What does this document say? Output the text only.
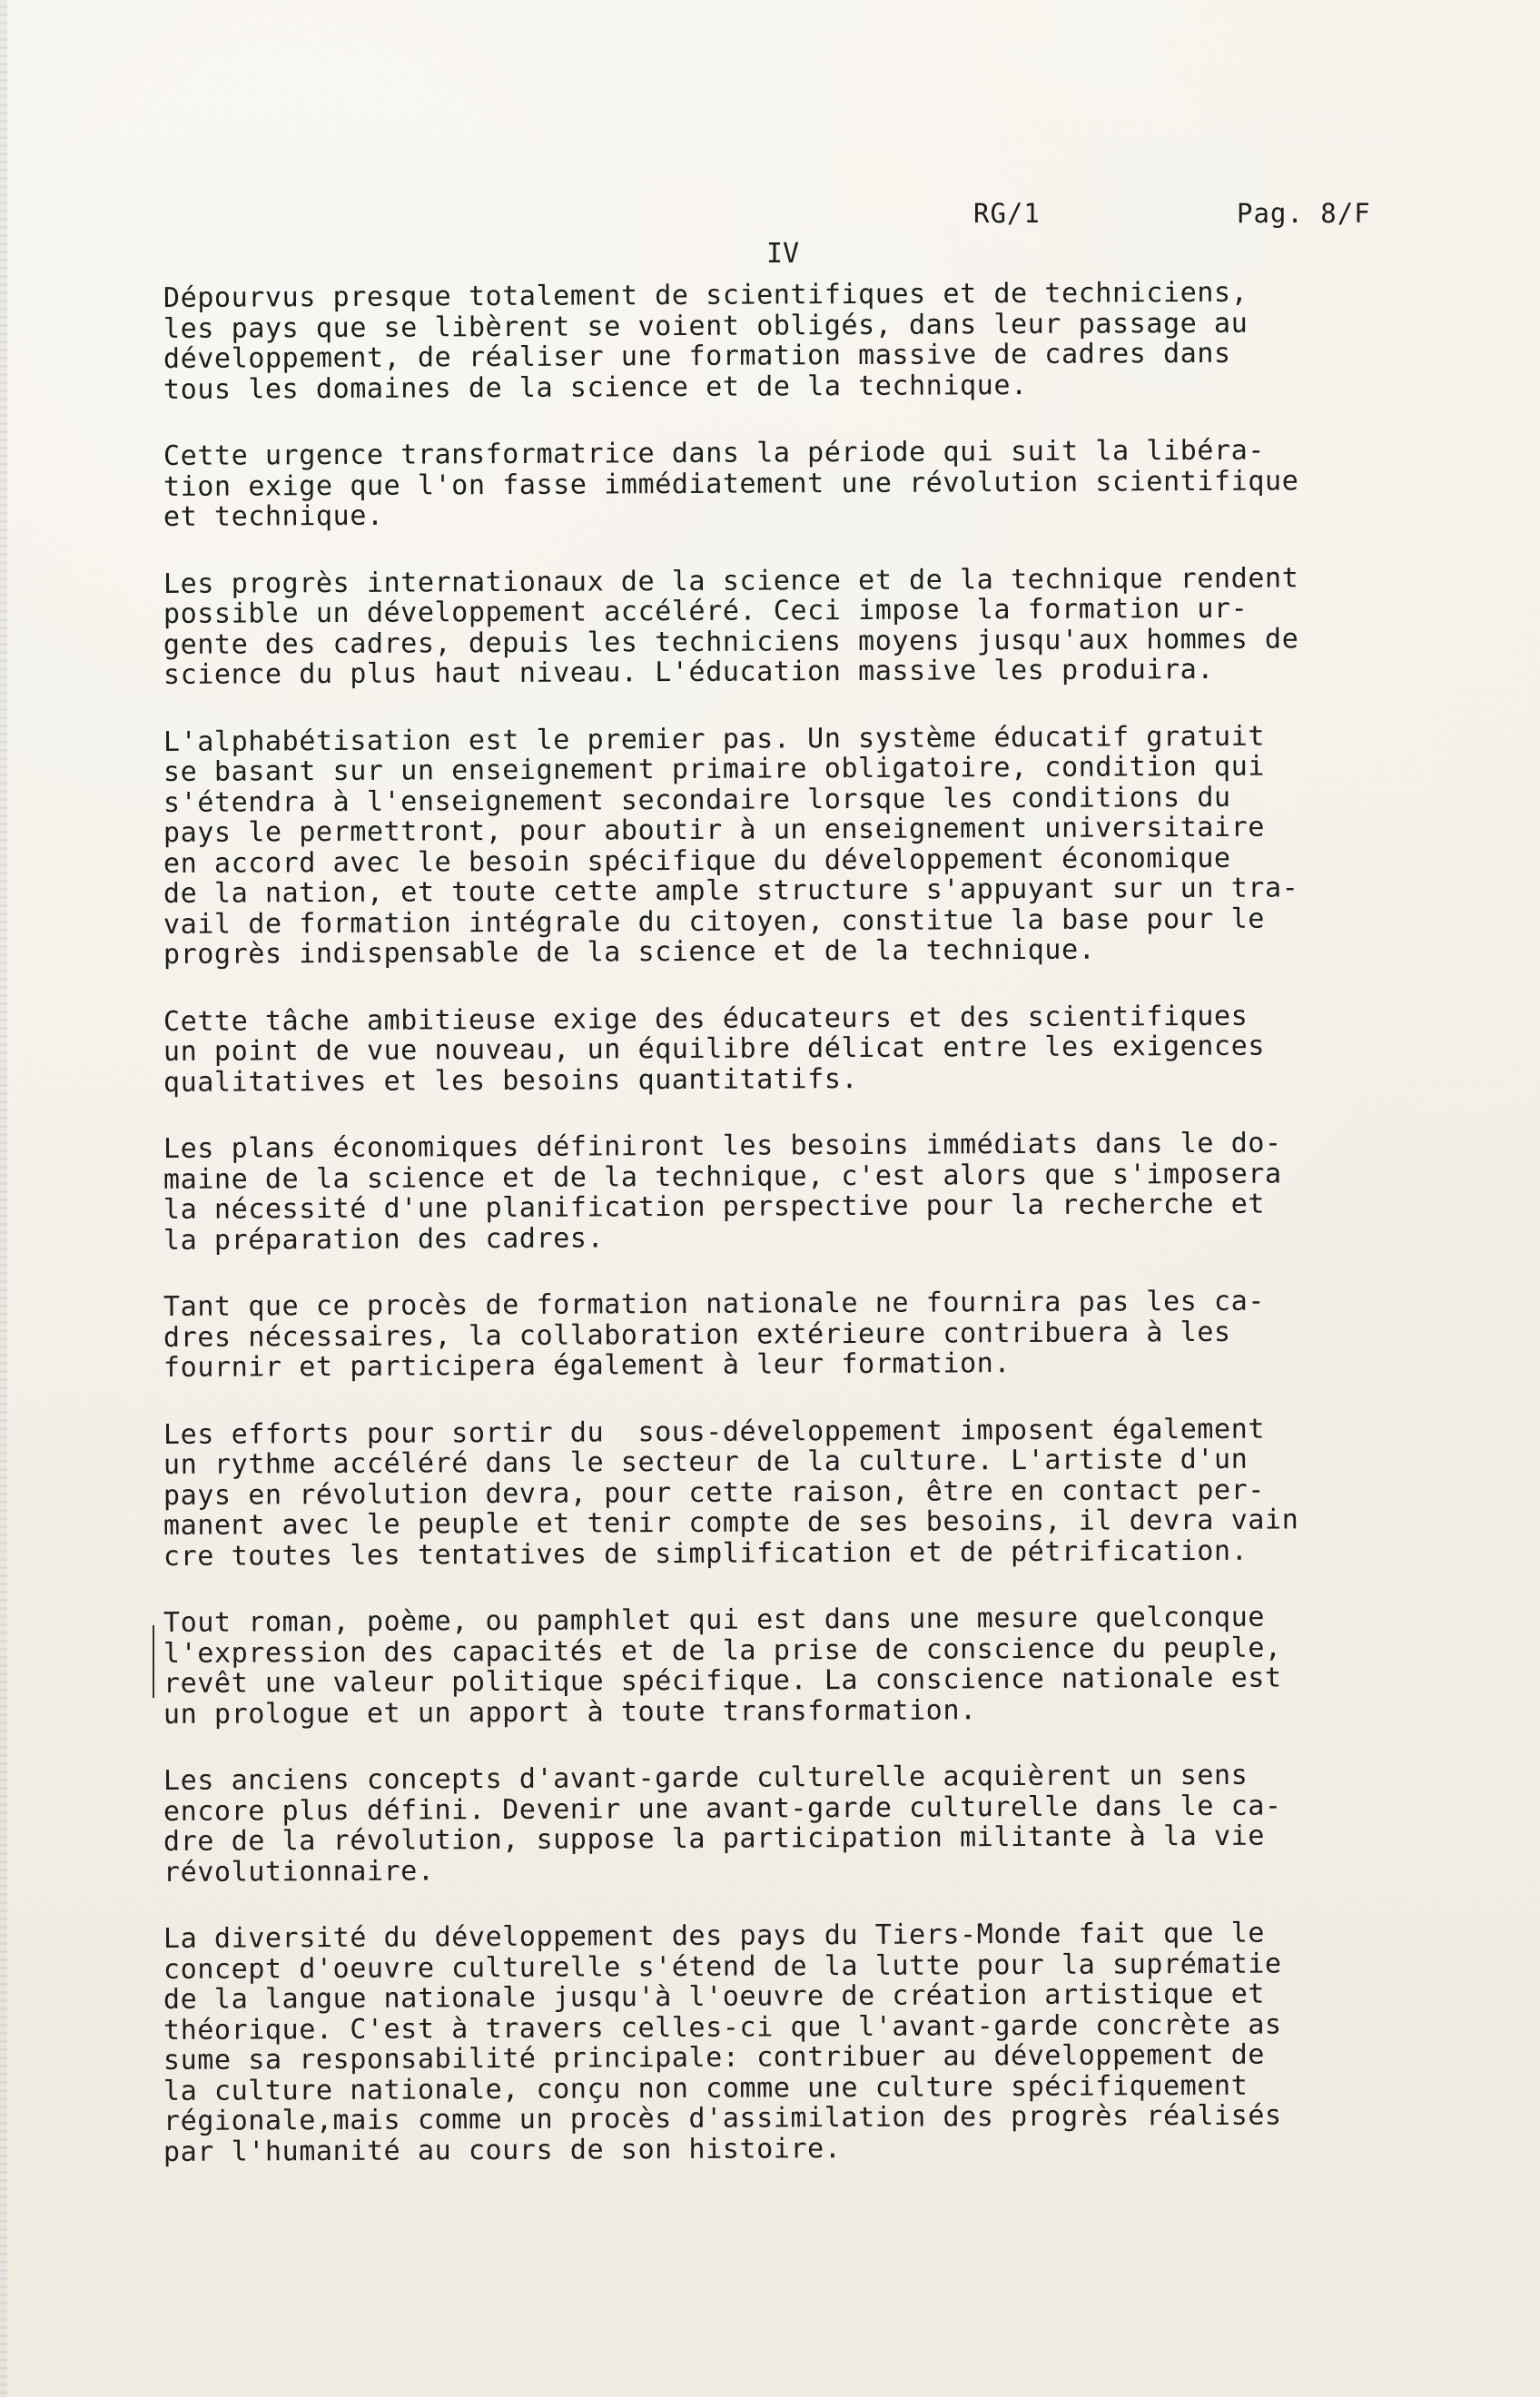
RG/1	Pag. 8/F
IV
Dépourvus presque totalement de scientifiques et de techniciens,
les pays que se libèrent se voient obligés, dans leur passage au
développement, de réaliser une formation massive de cadres dans
tous les domaines de la science et de la technique.
Cette urgence transformatrice dans la période qui suit la libéra-
tion exige que l'on fasse immédiatement une révolution scientifique
et technique.
Les progrès internationaux de la science et de la technique rendent
possible un développement accéléré. Ceci impose la formation ur-
gente des cadres, depuis les techniciens moyens jusqu'aux hommes de
science du plus haut niveau. L'éducation massive les produira.
L'alphabétisation est le premier pas. Un système éducatif gratuit
se basant sur un enseignement primaire obligatoire, condition qui
s'étendra à l'enseignement secondaire lorsque les conditions du
pays le permettront, pour aboutir à un enseignement universitaire
en accord avec le besoin spécifique du développement économique
de la nation, et toute cette ample structure s'appuyant sur un tra-
vail de formation intégrale du citoyen, constitue la base pour le
progrès indispensable de la science et de la technique.
Cette tâche ambitieuse exige des éducateurs et des scientifiques
un point de vue nouveau, un équilibre délicat entre les exigences
qualitatives et les besoins quantitatifs.
Les plans économiques définiront les besoins immédiats dans le do-
maine de la science et de la technique, c'est alors que s'imposera
la nécessité d'une planification perspective pour la recherche et
la préparation des cadres.
Tant que ce procès de formation nationale ne fournira pas les ca-
dres nécessaires, la collaboration extérieure contribuera à les
fournir et participera également à leur formation.
Les efforts pour sortir du  sous-développement imposent également
un rythme accéléré dans le secteur de la culture. L'artiste d'un
pays en révolution devra, pour cette raison, être en contact per-
manent avec le peuple et tenir compte de ses besoins, il devra vain
cre toutes les tentatives de simplification et de pétrification.
Tout roman, poème, ou pamphlet qui est dans une mesure quelconque
l'expression des capacités et de la prise de conscience du peuple,
revêt une valeur politique spécifique. La conscience nationale est
un prologue et un apport à toute transformation.
Les anciens concepts d'avant-garde culturelle acquièrent un sens
encore plus défini. Devenir une avant-garde culturelle dans le ca-
dre de la révolution, suppose la participation militante à la vie
révolutionnaire.
La diversité du développement des pays du Tiers-Monde fait que le
concept d'oeuvre culturelle s'étend de la lutte pour la suprématie
de la langue nationale jusqu'à l'oeuvre de création artistique et
théorique. C'est à travers celles-ci que l'avant-garde concrète as
sume sa responsabilité principale: contribuer au développement de
la culture nationale, conçu non comme une culture spécifiquement
régionale,mais comme un procès d'assimilation des progrès réalisés
par l'humanité au cours de son histoire.
